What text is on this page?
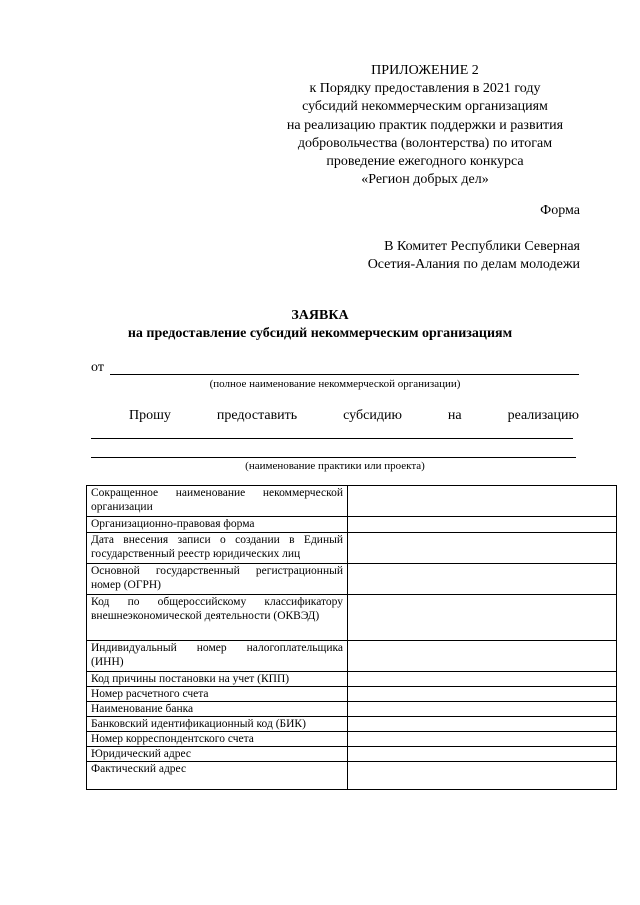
ПРИЛОЖЕНИЕ 2
к Порядку предоставления в 2021 году
субсидий некоммерческим организациям
на реализацию практик поддержки и развития
добровольчества (волонтерства) по итогам
проведение ежегодного конкурса
«Регион добрых дел»
Форма
В Комитет Республики Северная
Осетия-Алания по делам молодежи
ЗАЯВКА
на предоставление субсидий некоммерческим организациям
от
(полное наименование некоммерческой организации)
Прошу	предоставить	субсидию	на	реализацию
(наименование практики или проекта)
Сокращенное наименование некоммерческой организации	
Организационно-правовая форма	
Дата внесения записи о создании в Единый государственный реестр юридических лиц	
Основной государственный регистрационный номер (ОГРН)	
Код по общероссийскому классификатору внешнеэкономической деятельности (ОКВЭД)	
Индивидуальный номер налогоплательщика (ИНН)	
Код причины постановки на учет (КПП)	
Номер расчетного счета	
Наименование банка	
Банковский идентификационный код (БИК)	
Номер корреспондентского счета	
Юридический адрес	
Фактический адрес	
